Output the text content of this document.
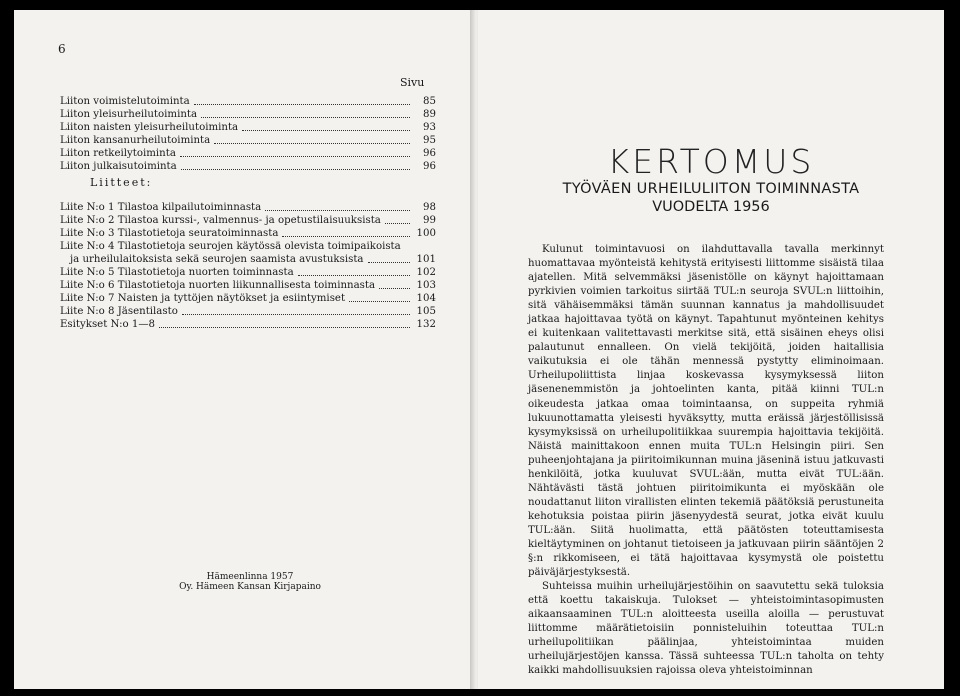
6
Sivu
Liiton voimistelutoiminta	85
Liiton yleisurheilutoiminta	89
Liiton naisten yleisurheilutoiminta	93
Liiton kansanurheilutoiminta	95
Liiton retkeilytoiminta	96
Liiton julkaisutoiminta	96
Liitteet:
Liite N:o 1 Tilastoa kilpailutoiminnasta	98
Liite N:o 2 Tilastoa kurssi-, valmennus- ja opetustilaisuuksista	99
Liite N:o 3 Tilastotietoja seuratoiminnasta	100
Liite N:o 4 Tilastotietoja seurojen käytössä olevista toimipaikoista
ja urheilulaitoksista sekä seurojen saamista avustuksista	101
Liite N:o 5 Tilastotietoja nuorten toiminnasta	102
Liite N:o 6 Tilastotietoja nuorten liikunnallisesta toiminnasta	103
Liite N:o 7 Naisten ja tyttöjen näytökset ja esiintymiset	104
Liite N:o 8 Jäsentilasto	105
Esitykset N:o 1—8	132
Hämeenlinna 1957
Oy. Hämeen Kansan Kirjapaino
KERTOMUS
TYÖVÄEN URHEILULIITON TOIMINNASTA
VUODELTA 1956

Kulunut toimintavuosi on ilahduttavalla tavalla merkinnyt huomattavaa myönteistä kehitystä erityisesti liittomme sisäistä tilaa ajatellen. Mitä selvemmäksi jäsenistölle on käynyt hajoittamaan pyrkivien voimien tarkoitus siirtää TUL:n seuroja SVUL:n liittoihin, sitä vähäisemmäksi tämän suunnan kannatus ja mahdollisuudet jatkaa hajoittavaa työtä on käynyt. Tapahtunut myönteinen kehitys ei kuitenkaan valitettavasti merkitse sitä, että sisäinen eheys olisi palautunut ennalleen. On vielä tekijöitä, joiden haitallisia vaikutuksia ei ole tähän mennessä pystytty eliminoimaan. Urheilupoliittista linjaa koskevassa kysymyksessä liiton jäsenenemmistön ja johtoelinten kanta, pitää kiinni TUL:n oikeudesta jatkaa omaa toimintaansa, on suppeita ryhmiä lukuunottamatta yleisesti hyväksytty, mutta eräissä järjestöllisissä kysymyksissä on urheilupolitiikkaa suurempia hajoittavia tekijöitä. Näistä mainittakoon ennen muita TUL:n Helsingin piiri. Sen puheenjohtajana ja piiritoimikunnan muina jäseninä istuu jatkuvasti henkilöitä, jotka kuuluvat SVUL:ään, mutta eivät TUL:ään. Nähtävästi tästä johtuen piiritoimikunta ei myöskään ole noudattanut liiton virallisten elinten tekemiä päätöksiä perustuneita kehotuksia poistaa piirin jäsenyydestä seurat, jotka eivät kuulu TUL:ään. Siitä huolimatta, että päätösten toteuttamisesta kieltäytyminen on johtanut tietoiseen ja jatkuvaan piirin sääntöjen 2 §:n rikkomiseen, ei tätä hajoittavaa kysymystä ole poistettu päiväjärjestyksestä.

Suhteissa muihin urheilujärjestöihin on saavutettu sekä tuloksia että koettu takaiskuja. Tulokset — yhteistoimintasopimusten aikaansaaminen TUL:n aloitteesta useilla aloilla — perustuvat liittomme määrätietoisiin ponnisteluihin toteuttaa TUL:n urheilupolitiikan päälinjaa, yhteistoimintaa muiden urheilujärjestöjen kanssa. Tässä suhteessa TUL:n taholta on tehty kaikki mahdollisuuksien rajoissa oleva yhteistoiminnan
